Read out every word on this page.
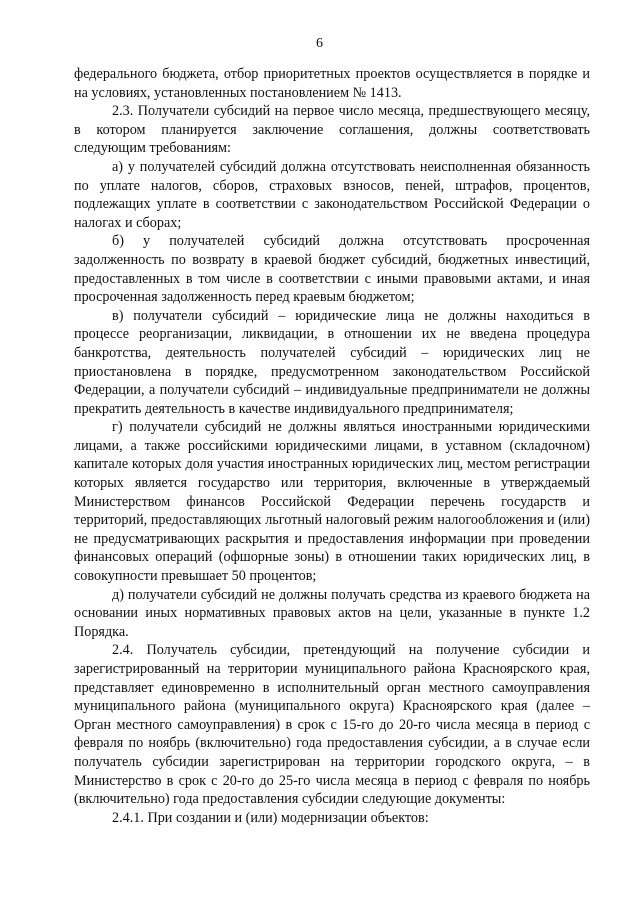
6

федерального бюджета, отбор приоритетных проектов осуществляется в порядке и на условиях, установленных постановлением № 1413.

2.3. Получатели субсидий на первое число месяца, предшествующего месяцу, в котором планируется заключение соглашения, должны соответствовать следующим требованиям:

а) у получателей субсидий должна отсутствовать неисполненная обязанность по уплате налогов, сборов, страховых взносов, пеней, штрафов, процентов, подлежащих уплате в соответствии с законодательством Российской Федерации о налогах и сборах;

б) у получателей субсидий должна отсутствовать просроченная задолженность по возврату в краевой бюджет субсидий, бюджетных инвестиций, предоставленных в том числе в соответствии с иными правовыми актами, и иная просроченная задолженность перед краевым бюджетом;

в) получатели субсидий – юридические лица не должны находиться в процессе реорганизации, ликвидации, в отношении их не введена процедура банкротства, деятельность получателей субсидий – юридических лиц не приостановлена в порядке, предусмотренном законодательством Российской Федерации, а получатели субсидий – индивидуальные предприниматели не должны прекратить деятельность в качестве индивидуального предпринимателя;

г) получатели субсидий не должны являться иностранными юридическими лицами, а также российскими юридическими лицами, в уставном (складочном) капитале которых доля участия иностранных юридических лиц, местом регистрации которых является государство или территория, включенные в утверждаемый Министерством финансов Российской Федерации перечень государств и территорий, предоставляющих льготный налоговый режим налогообложения и (или) не предусматривающих раскрытия и предоставления информации при проведении финансовых операций (офшорные зоны) в отношении таких юридических лиц, в совокупности превышает 50 процентов;

д) получатели субсидий не должны получать средства из краевого бюджета на основании иных нормативных правовых актов на цели, указанные в пункте 1.2 Порядка.

2.4. Получатель субсидии, претендующий на получение субсидии и зарегистрированный на территории муниципального района Красноярского края, представляет единовременно в исполнительный орган местного самоуправления муниципального района (муниципального округа) Красноярского края (далее – Орган местного самоуправления) в срок с 15-го до 20-го числа месяца в период с февраля по ноябрь (включительно) года предоставления субсидии, а в случае если получатель субсидии зарегистрирован на территории городского округа, – в Министерство в срок с 20-го до 25-го числа месяца в период с февраля по ноябрь (включительно) года предоставления субсидии следующие документы:

2.4.1. При создании и (или) модернизации объектов:
